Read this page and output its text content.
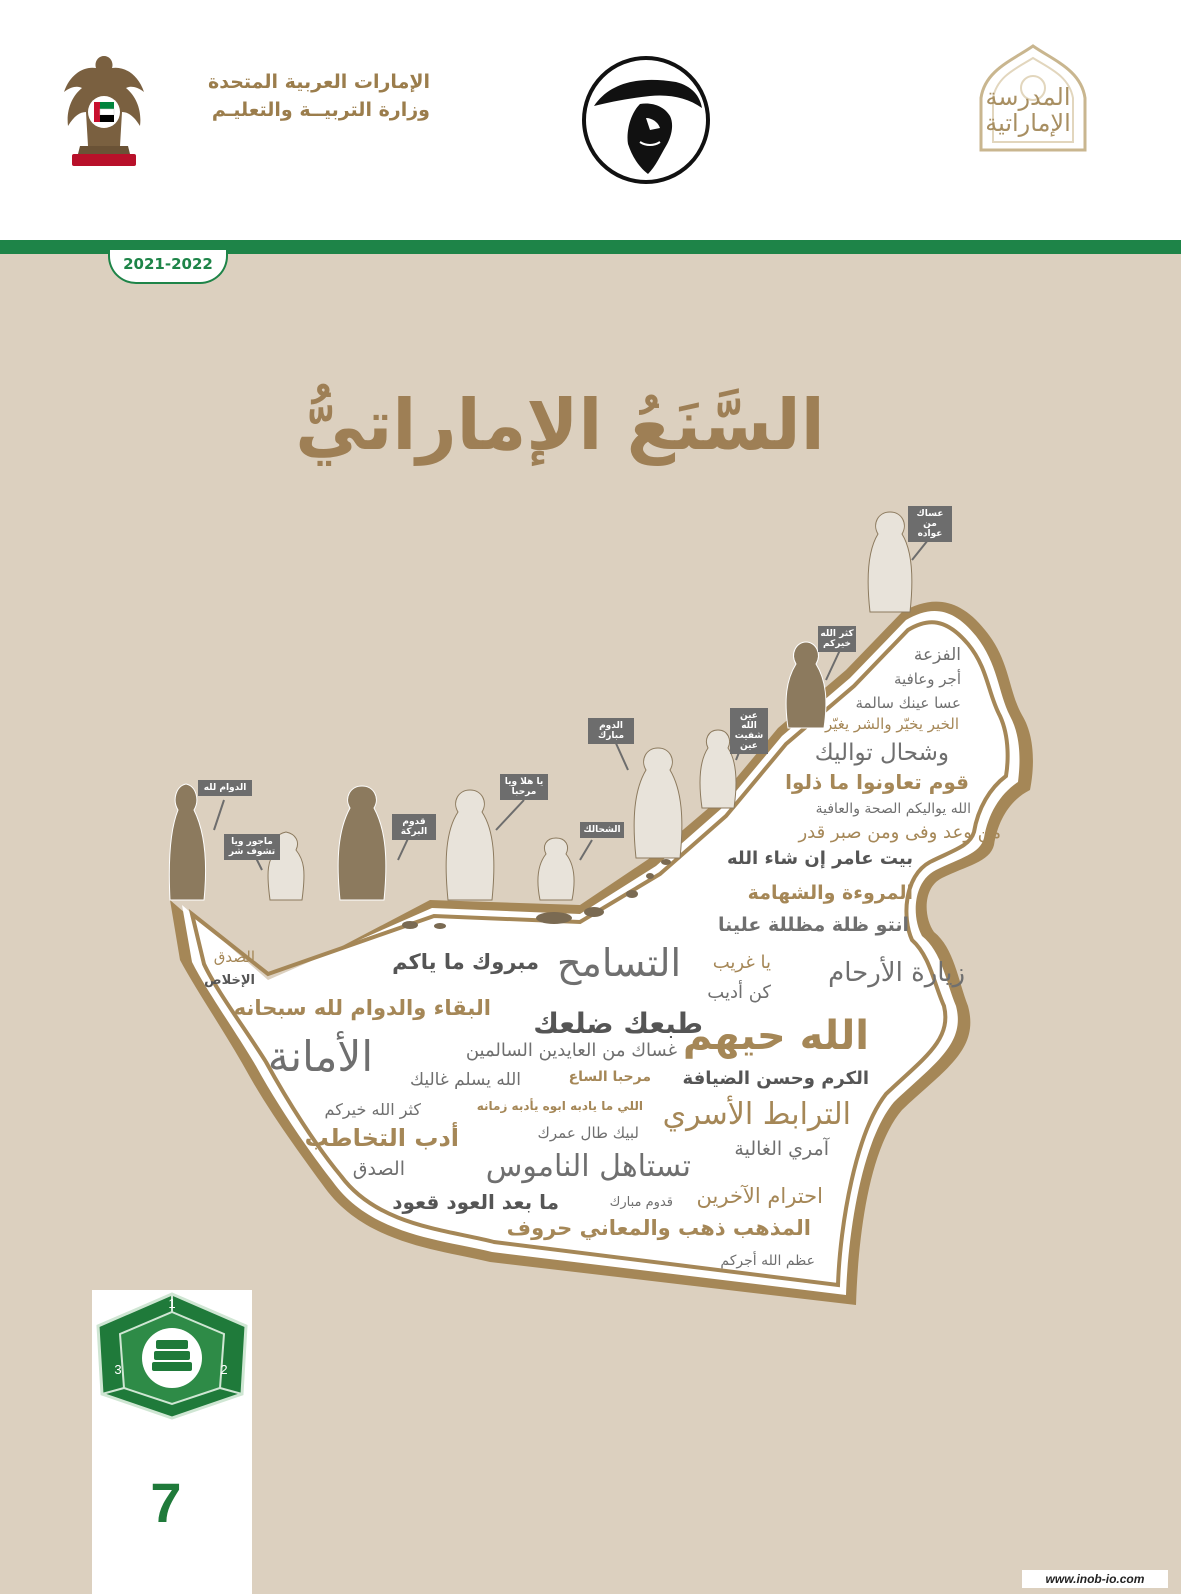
الإمارات العربية المتحدة
وزارة التربيــة والتعليـم	المدرسة
الإماراتية
2021-2022
السَّنَعُ الإماراتيُّ
الدوام لله
ماجور ويا تشوف شر
قدوم البركة
يا هلا ويا مرحبا
الشحالك
الدوم مبارك
عين الله شفيت عين
كثر الله خيركم
عساك من عواده
الفزعة
أجر وعافية
عسا عينك سالمة
الخير يخيّر والشر يغيّر
وشحال تواليك
قوم تعاونوا ما ذلوا
الله يواليكم الصحة والعافية
من وعد وفى ومن صبر قدر
بيت عامر إن شاء الله
المروءة والشهامة
انتو ظلة مظللة علينا
الصدق
الإخلاص
مبروك ما ياكم التسامح يا غريب
كن أديب
زيارة الأرحام
البقاء والدوام لله سبحانه طبعك ضلعك
الله حيهم
الأمانة	غساك من العايدين السالمين
الكرم وحسن الضيافة
مرحبا الساع
الله يسلم غاليك
الترابط الأسري
اللي ما يادبه ابوه يأدبه زمانه
كثر الله خيركم
أدب التخاطب	لبيك طال عمرك
آمري الغالية
تستاهل الناموس
الصدق
احترام الآخرين
قدوم مبارك
ما بعد العود قعود
المذهب ذهب والمعاني حروف
عظم الله أجركم
1
2
3
7
www.inob-io.com
